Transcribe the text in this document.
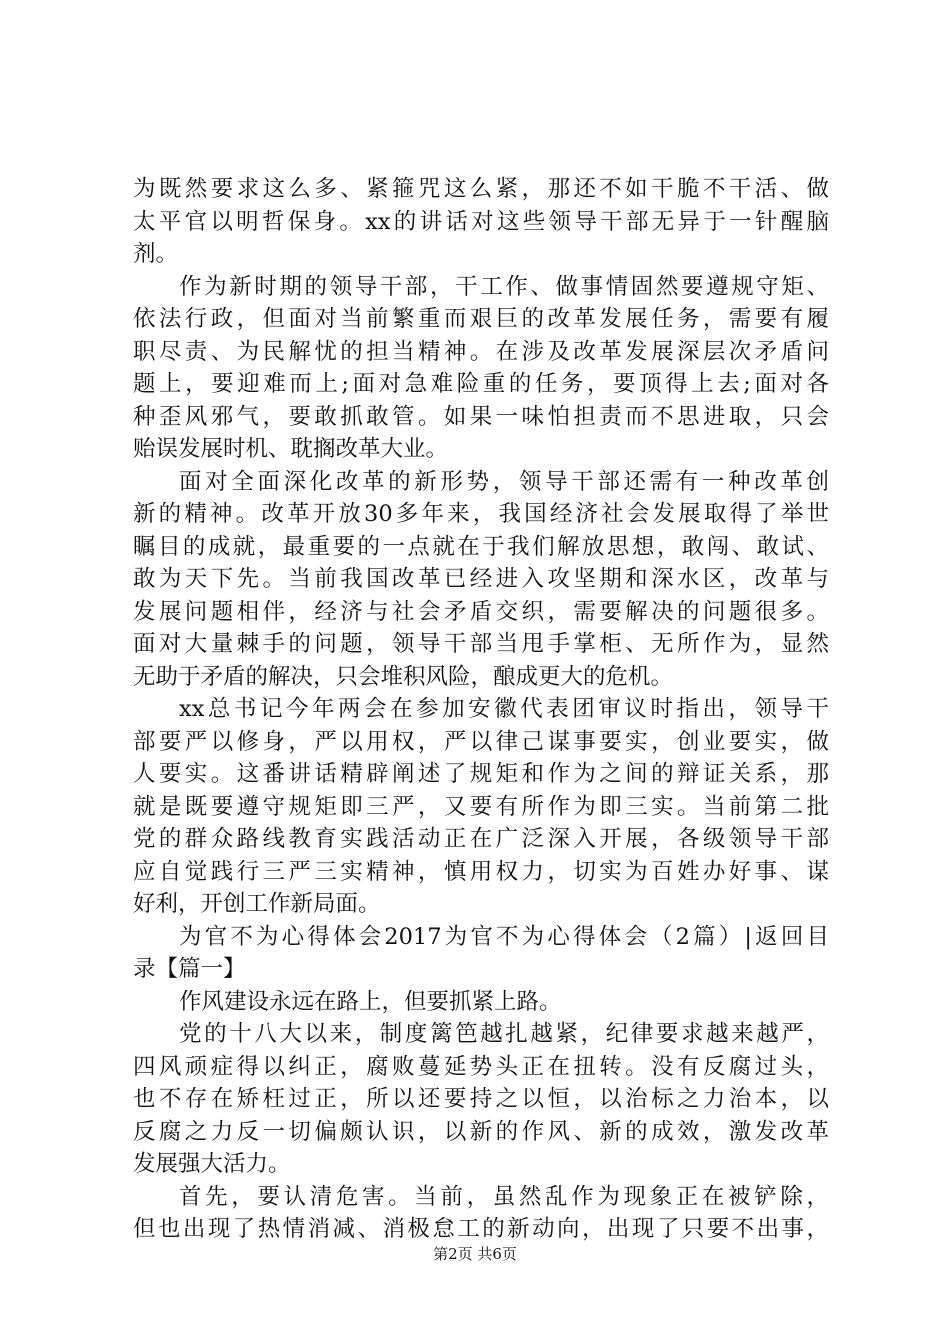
为既然要求这么多、紧箍咒这么紧，那还不如干脆不干活、做
太平官以明哲保身。xx的讲话对这些领导干部无异于一针醒脑
剂。
作为新时期的领导干部，干工作、做事情固然要遵规守矩、
依法行政，但面对当前繁重而艰巨的改革发展任务，需要有履
职尽责、为民解忧的担当精神。在涉及改革发展深层次矛盾问
题上，要迎难而上;面对急难险重的任务，要顶得上去;面对各
种歪风邪气，要敢抓敢管。如果一味怕担责而不思进取，只会
贻误发展时机、耽搁改革大业。
面对全面深化改革的新形势，领导干部还需有一种改革创
新的精神。改革开放30多年来，我国经济社会发展取得了举世
瞩目的成就，最重要的一点就在于我们解放思想，敢闯、敢试、
敢为天下先。当前我国改革已经进入攻坚期和深水区，改革与
发展问题相伴，经济与社会矛盾交织，需要解决的问题很多。
面对大量棘手的问题，领导干部当甩手掌柜、无所作为，显然
无助于矛盾的解决，只会堆积风险，酿成更大的危机。
xx总书记今年两会在参加安徽代表团审议时指出，领导干
部要严以修身，严以用权，严以律己谋事要实，创业要实，做
人要实。这番讲话精辟阐述了规矩和作为之间的辩证关系，那
就是既要遵守规矩即三严，又要有所作为即三实。当前第二批
党的群众路线教育实践活动正在广泛深入开展，各级领导干部
应自觉践行三严三实精神，慎用权力，切实为百姓办好事、谋
好利，开创工作新局面。
为官不为心得体会2017为官不为心得体会（2篇）|返回目
录【篇一】
作风建设永远在路上，但要抓紧上路。
党的十八大以来，制度篱笆越扎越紧，纪律要求越来越严，
四风顽症得以纠正，腐败蔓延势头正在扭转。没有反腐过头，
也不存在矫枉过正，所以还要持之以恒，以治标之力治本，以
反腐之力反一切偏颇认识，以新的作风、新的成效，激发改革
发展强大活力。
首先，要认清危害。当前，虽然乱作为现象正在被铲除，
但也出现了热情消减、消极怠工的新动向，出现了只要不出事，
第2页 共6页
